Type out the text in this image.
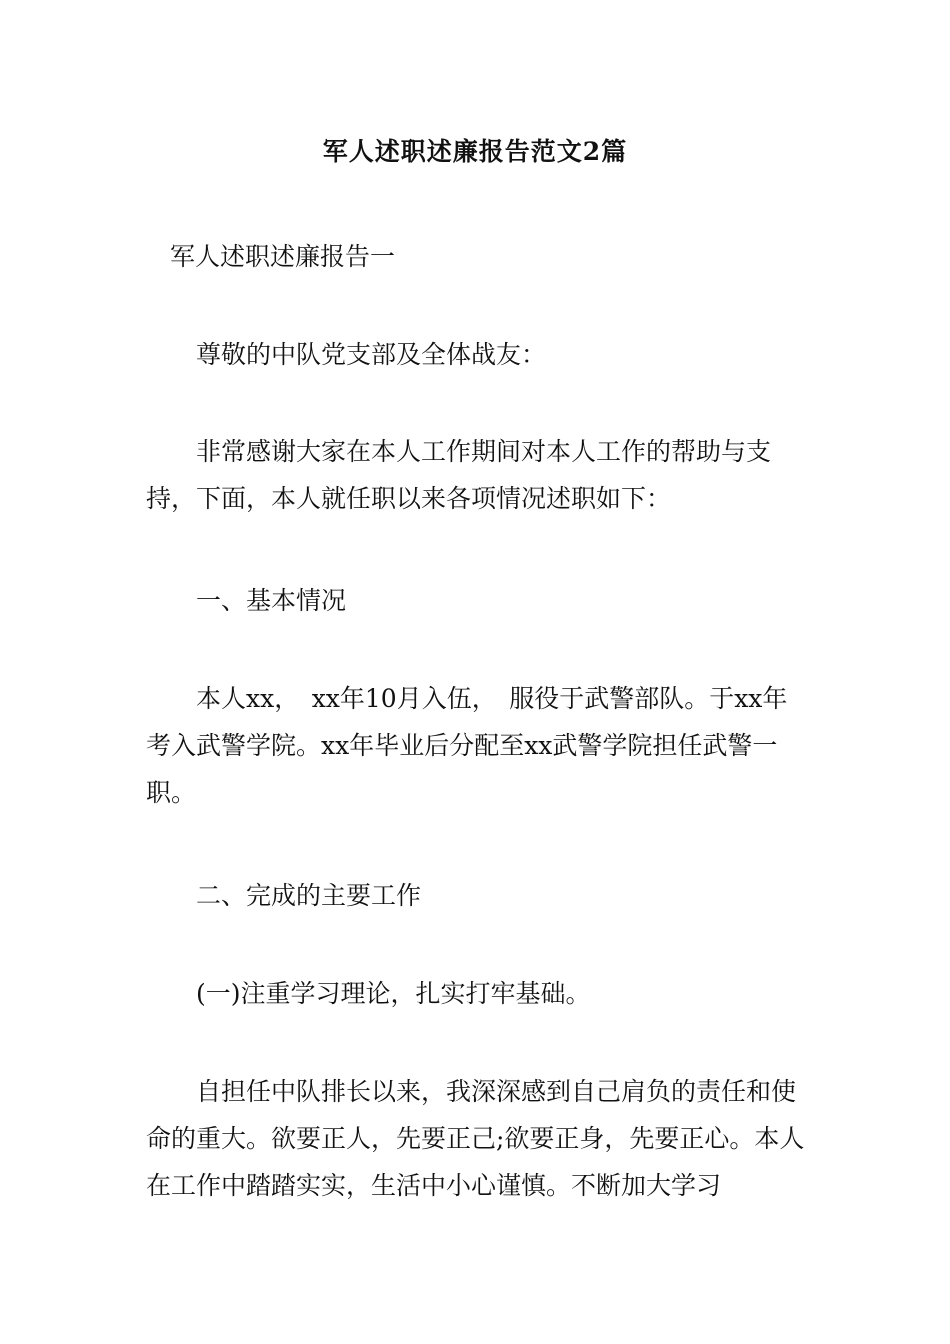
军人述职述廉报告范文2篇

军人述职述廉报告一

尊敬的中队党支部及全体战友：

非常感谢大家在本人工作期间对本人工作的帮助与支持，下面，本人就任职以来各项情况述职如下：

一、基本情况

本人xx，　xx年10月入伍，　服役于武警部队。于xx年考入武警学院。xx年毕业后分配至xx武警学院担任武警一职。

二、完成的主要工作

(一)注重学习理论，扎实打牢基础。

自担任中队排长以来，我深深感到自己肩负的责任和使命的重大。欲要正人，先要正己;欲要正身，先要正心。本人在工作中踏踏实实，生活中小心谨慎。不断加大学习
